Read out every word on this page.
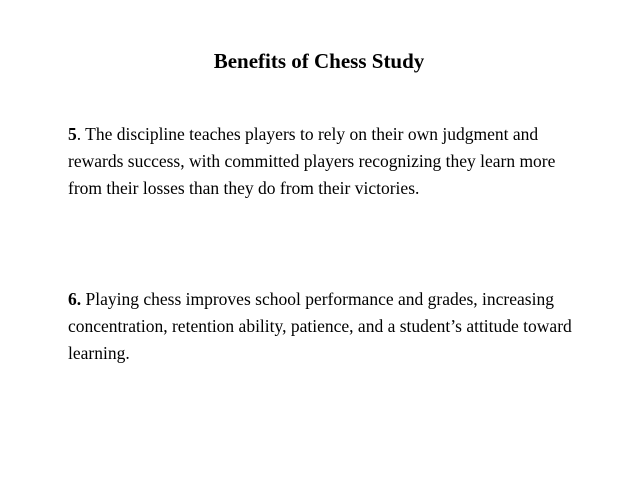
Benefits of Chess Study

5. The discipline teaches players to rely on their own judgment and rewards success, with committed players recognizing they learn more from their losses than they do from their victories.

6. Playing chess improves school performance and grades, increasing concentration, retention ability, patience, and a student’s attitude toward learning.
